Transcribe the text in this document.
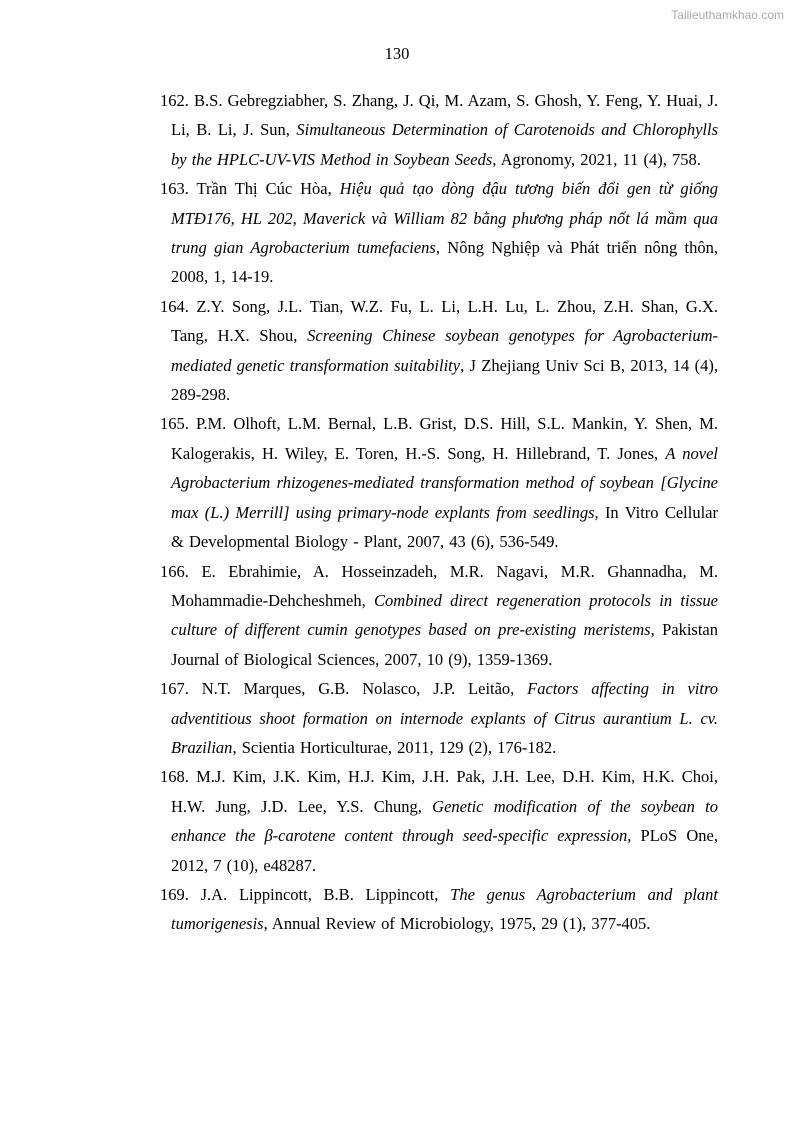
Tailieuthamkhao.com
130

162. B.S. Gebregziabher, S. Zhang, J. Qi, M. Azam, S. Ghosh, Y. Feng, Y. Huai, J. Li, B. Li, J. Sun, Simultaneous Determination of Carotenoids and Chlorophylls by the HPLC-UV-VIS Method in Soybean Seeds, Agronomy, 2021, 11 (4), 758.

163. Trần Thị Cúc Hòa, Hiệu quả tạo dòng đậu tương biến đổi gen từ giống MTĐ176, HL 202, Maverick và William 82 bằng phương pháp nốt lá mầm qua trung gian Agrobacterium tumefaciens, Nông Nghiệp và Phát triển nông thôn, 2008, 1, 14-19.

164. Z.Y. Song, J.L. Tian, W.Z. Fu, L. Li, L.H. Lu, L. Zhou, Z.H. Shan, G.X. Tang, H.X. Shou, Screening Chinese soybean genotypes for Agrobacterium-mediated genetic transformation suitability, J Zhejiang Univ Sci B, 2013, 14 (4), 289-298.

165. P.M. Olhoft, L.M. Bernal, L.B. Grist, D.S. Hill, S.L. Mankin, Y. Shen, M. Kalogerakis, H. Wiley, E. Toren, H.-S. Song, H. Hillebrand, T. Jones, A novel Agrobacterium rhizogenes-mediated transformation method of soybean [Glycine max (L.) Merrill] using primary-node explants from seedlings, In Vitro Cellular & Developmental Biology - Plant, 2007, 43 (6), 536-549.

166. E. Ebrahimie, A. Hosseinzadeh, M.R. Nagavi, M.R. Ghannadha, M. Mohammadie-Dehcheshmeh, Combined direct regeneration protocols in tissue culture of different cumin genotypes based on pre-existing meristems, Pakistan Journal of Biological Sciences, 2007, 10 (9), 1359-1369.

167. N.T. Marques, G.B. Nolasco, J.P. Leitão, Factors affecting in vitro adventitious shoot formation on internode explants of Citrus aurantium L. cv. Brazilian, Scientia Horticulturae, 2011, 129 (2), 176-182.

168. M.J. Kim, J.K. Kim, H.J. Kim, J.H. Pak, J.H. Lee, D.H. Kim, H.K. Choi, H.W. Jung, J.D. Lee, Y.S. Chung, Genetic modification of the soybean to enhance the β-carotene content through seed-specific expression, PLoS One, 2012, 7 (10), e48287.

169. J.A. Lippincott, B.B. Lippincott, The genus Agrobacterium and plant tumorigenesis, Annual Review of Microbiology, 1975, 29 (1), 377-405.
